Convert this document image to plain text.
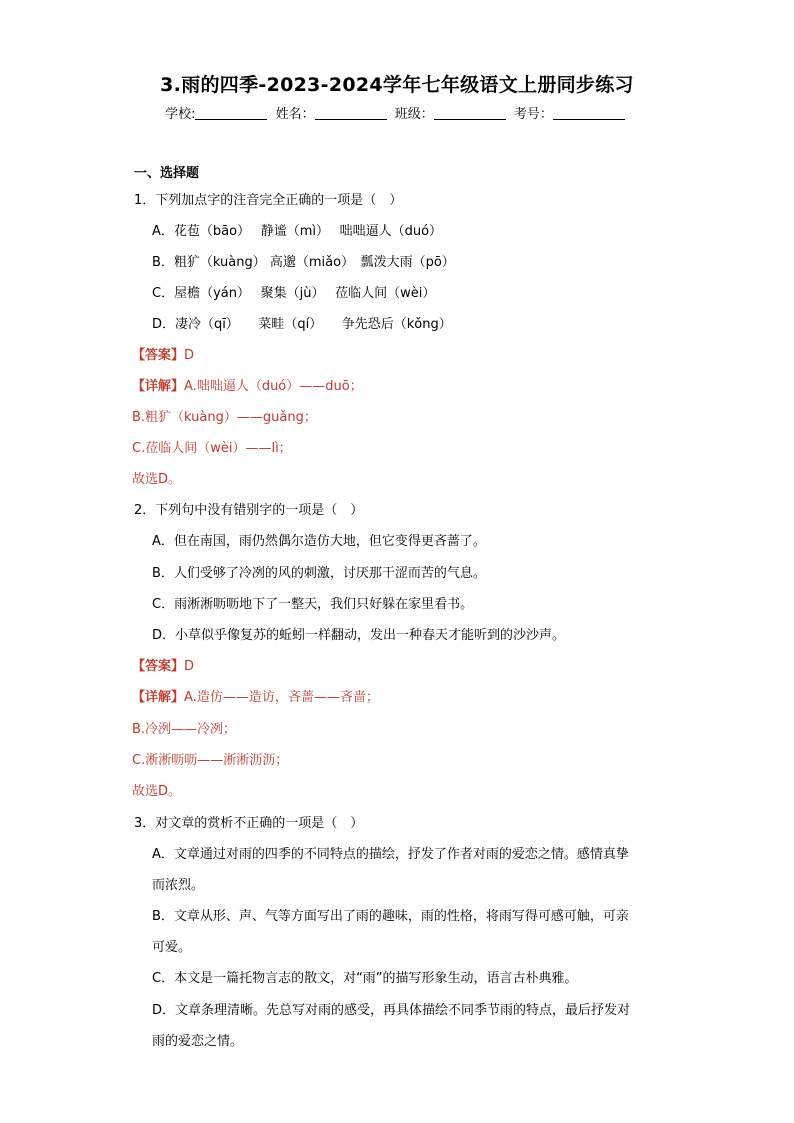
3.雨的四季-2023-2024学年七年级语文上册同步练习
学校:	姓名：	班级：	考号：
一、选择题
1．下列加点字的注音完全正确的一项是（　）
A．花苞（bāo）　 静谧（mì）　 咄咄逼人（duó）
B．粗犷（kuàng） 高邈（miǎo）　瓢泼大雨（pō）
C．屋檐（yán）　 聚集（jù）　 莅临人间（wèi）
D．凄冷（qī）　　菜畦（qí）　　争先恐后（kǒng）
【答案】D
【详解】A.咄咄逼人（duó）——duō；
B.粗犷（kuàng）——guǎng；
C.莅临人间（wèi）——lì；
故选D。
2．下列句中没有错别字的一项是（　）
A．但在南国，雨仍然偶尔造仿大地，但它变得更吝蔷了。
B．人们受够了冷冽的风的刺激，讨厌那干涩而苦的气息。
C．雨淅淅呖呖地下了一整天，我们只好躲在家里看书。
D．小草似乎像复苏的蚯蚓一样翻动，发出一种春天才能听到的沙沙声。
【答案】D
【详解】A.造仿——造访，吝蔷——吝啬；
B.冷洌——冷冽；
C.淅淅呖呖——淅淅沥沥；
故选D。
3．对文章的赏析不正确的一项是（　）
A．文章通过对雨的四季的不同特点的描绘，抒发了作者对雨的爱恋之情。感情真挚
而浓烈。
B．文章从形、声、气等方面写出了雨的趣味，雨的性格，将雨写得可感可触，可亲
可爱。
C．本文是一篇托物言志的散文，对“雨”的描写形象生动，语言古朴典雅。
D．文章条理清晰。先总写对雨的感受，再具体描绘不同季节雨的特点，最后抒发对
雨的爱恋之情。
